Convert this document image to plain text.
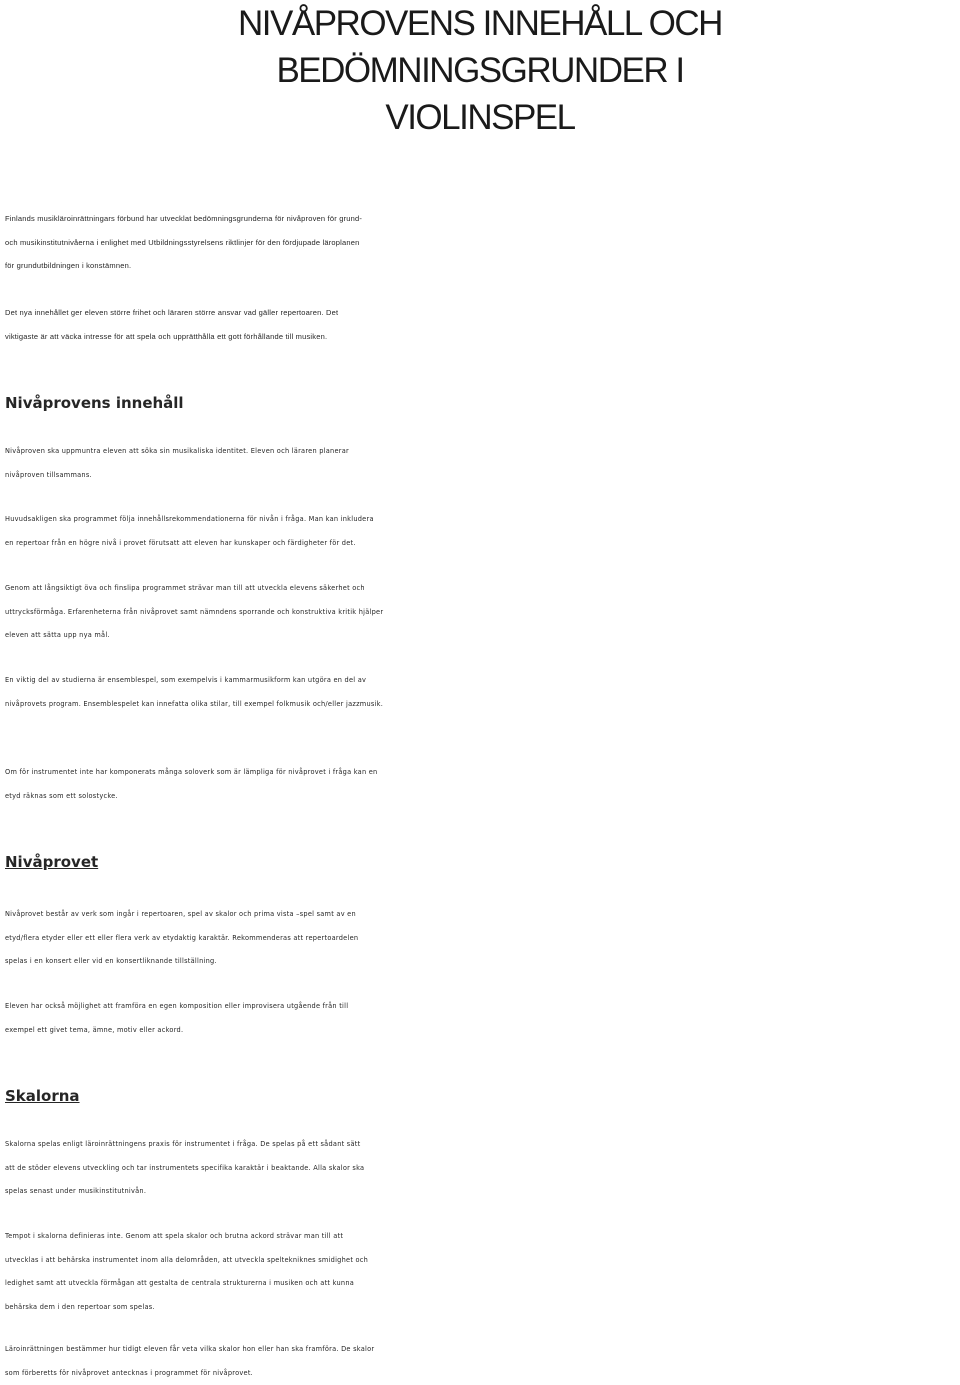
NIVÅPROVENS INNEHÅLL OCH
BEDÖMNINGSGRUNDER I
VIOLINSPEL

Finlands musikläroinrättningars förbund har utvecklat bedömningsgrunderna för nivåproven för grund-
och musikinstitutnivåerna i enlighet med Utbildningsstyrelsens riktlinjer för den fördjupade läroplanen
för grundutbildningen i konstämnen.

Det nya innehållet ger eleven större frihet och läraren större ansvar vad gäller repertoaren. Det
viktigaste är att väcka intresse för att spela och upprätthålla ett gott förhållande till musiken.

Nivåprovens innehåll

Nivåproven ska uppmuntra eleven att söka sin musikaliska identitet. Eleven och läraren planerar
nivåproven tillsammans.

Huvudsakligen ska programmet följa innehållsrekommendationerna för nivån i fråga. Man kan inkludera
en repertoar från en högre nivå i provet förutsatt att eleven har kunskaper och färdigheter för det.

Genom att långsiktigt öva och finslipa programmet strävar man till att utveckla elevens säkerhet och
uttrycksförmåga. Erfarenheterna från nivåprovet samt nämndens sporrande och konstruktiva kritik hjälper
eleven att sätta upp nya mål.

En viktig del av studierna är ensemblespel, som exempelvis i kammarmusikform kan utgöra en del av
nivåprovets program. Ensemblespelet kan innefatta olika stilar, till exempel folkmusik och/eller jazzmusik.

Om för instrumentet inte har komponerats många soloverk som är lämpliga för nivåprovet i fråga kan en
etyd räknas som ett solostycke.

Nivåprovet

Nivåprovet består av verk som ingår i repertoaren, spel av skalor och prima vista –spel samt av en
etyd/flera etyder eller ett eller flera verk av etydaktig karaktär. Rekommenderas att repertoardelen
spelas i en konsert eller vid en konsertliknande tillställning.

Eleven har också möjlighet att framföra en egen komposition eller improvisera utgående från till
exempel ett givet tema, ämne, motiv eller ackord.

Skalorna

Skalorna spelas enligt läroinrättningens praxis för instrumentet i fråga. De spelas på ett sådant sätt
att de stöder elevens utveckling och tar instrumentets specifika karaktär i beaktande. Alla skalor ska
spelas senast under musikinstitutnivån.

Tempot i skalorna definieras inte. Genom att spela skalor och brutna ackord strävar man till att
utvecklas i att behärska instrumentet inom alla delområden, att utveckla speltekniknes smidighet och
ledighet samt att utveckla förmågan att gestalta de centrala strukturerna i musiken och att kunna
behärska dem i den repertoar som spelas.

Läroinrättningen bestämmer hur tidigt eleven får veta vilka skalor hon eller han ska framföra. De skalor
som förberetts för nivåprovet antecknas i programmet för nivåprovet.
